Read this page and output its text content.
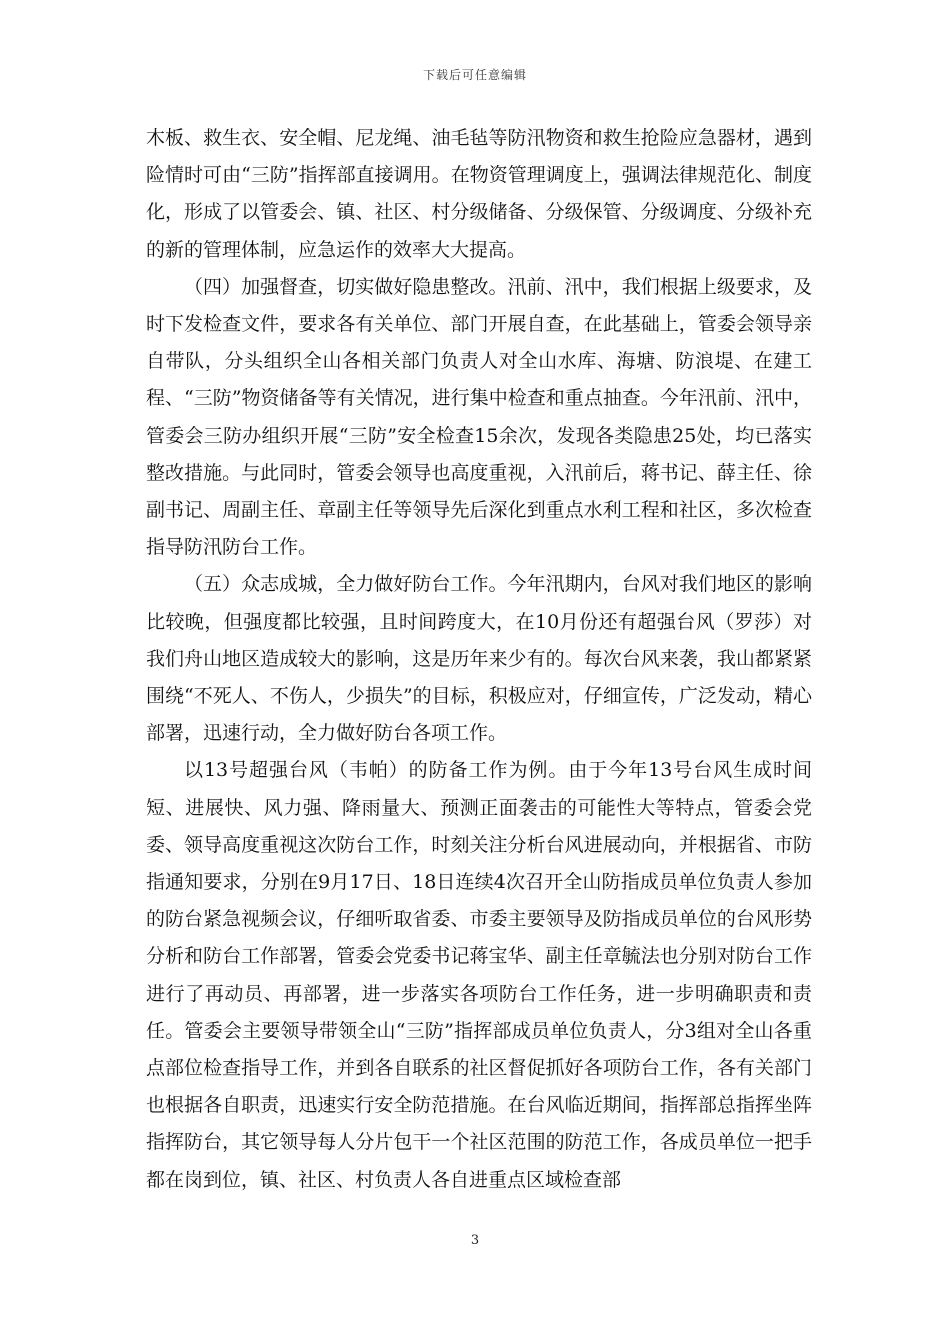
下载后可任意编辑

木板、救生衣、安全帽、尼龙绳、油毛毡等防汛物资和救生抢险应急器材，遇到险情时可由“三防”指挥部直接调用。在物资管理调度上，强调法律规范化、制度化，形成了以管委会、镇、社区、村分级储备、分级保管、分级调度、分级补充的新的管理体制，应急运作的效率大大提高。

（四）加强督查，切实做好隐患整改。汛前、汛中，我们根据上级要求，及时下发检查文件，要求各有关单位、部门开展自查，在此基础上，管委会领导亲自带队，分头组织全山各相关部门负责人对全山水库、海塘、防浪堤、在建工程、“三防”物资储备等有关情况，进行集中检查和重点抽查。今年汛前、汛中，管委会三防办组织开展“三防”安全检查15余次，发现各类隐患25处，均已落实整改措施。与此同时，管委会领导也高度重视，入汛前后，蒋书记、薛主任、徐副书记、周副主任、章副主任等领导先后深化到重点水利工程和社区，多次检查指导防汛防台工作。

（五）众志成城，全力做好防台工作。今年汛期内，台风对我们地区的影响比较晚，但强度都比较强，且时间跨度大，在10月份还有超强台风（罗莎）对我们舟山地区造成较大的影响，这是历年来少有的。每次台风来袭，我山都紧紧围绕“不死人、不伤人，少损失”的目标，积极应对，仔细宣传，广泛发动，精心部署，迅速行动，全力做好防台各项工作。

以13号超强台风（韦帕）的防备工作为例。由于今年13号台风生成时间短、进展快、风力强、降雨量大、预测正面袭击的可能性大等特点，管委会党委、领导高度重视这次防台工作，时刻关注分析台风进展动向，并根据省、市防指通知要求，分别在9月17日、18日连续4次召开全山防指成员单位负责人参加的防台紧急视频会议，仔细听取省委、市委主要领导及防指成员单位的台风形势分析和防台工作部署，管委会党委书记蒋宝华、副主任章毓法也分别对防台工作进行了再动员、再部署，进一步落实各项防台工作任务，进一步明确职责和责任。管委会主要领导带领全山“三防”指挥部成员单位负责人，分3组对全山各重点部位检查指导工作，并到各自联系的社区督促抓好各项防台工作，各有关部门也根据各自职责，迅速实行安全防范措施。在台风临近期间，指挥部总指挥坐阵指挥防台，其它领导每人分片包干一个社区范围的防范工作，各成员单位一把手都在岗到位，镇、社区、村负责人各自进重点区域检查部

3
